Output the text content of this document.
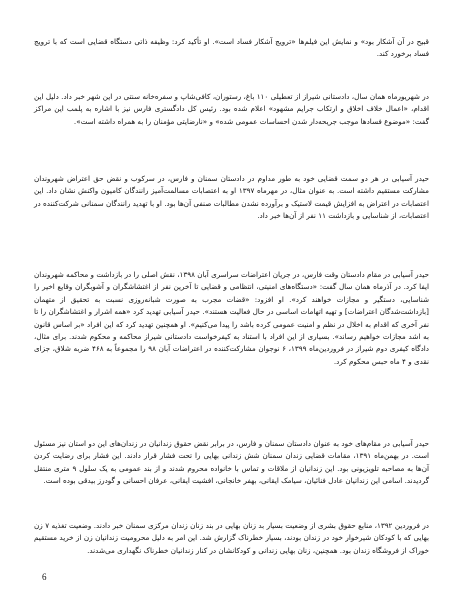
قبیح در آن آشکار بود» و نمایش این فیلم‌ها «ترویج آشکار فساد است». او تأکید کرد: وظیفه ذاتی دستگاه قضایی است که با ترویج فساد برخورد کند.

در شهریورماه همان سال، دادستانی شیراز از تعطیلی ۱۱۰ باغ، رستوران، کافی‌شاپ و سفره‌خانه سنتی در این شهر خبر داد. دلیل این اقدام، «اعمال خلاف اخلاق و ارتکاب جرایم مشهود» اعلام شده بود. رئیس کل دادگستری فارس نیز با اشاره به پلمب این مراکز گفت: «موضوع فسادها موجب جریحه‌دار شدن احساسات عمومی شده» و «نارضایتی مؤمنان را به همراه داشته است».

حیدر آسیابی در هر دو سمت قضایی خود به طور مداوم در دادستان سمنان و فارس، در سرکوب و نقض حق اعتراض شهروندان مشارکت مستقیم داشته است. به عنوان مثال، در مهرماه ۱۳۹۷ او به اعتصابات مسالمت‌آمیز رانندگان کامیون واکنش نشان داد. این اعتصابات در اعتراض به افزایش قیمت لاستیک و برآورده نشدن مطالبات صنفی آن‌ها بود. او با تهدید رانندگان سمنانی شرکت‌کننده در اعتصابات، از شناسایی و بازداشت ۱۱ نفر از آن‌ها خبر داد.

حیدر آسیابی در مقام دادستان وقت فارس، در جریان اعتراضات سراسری آبان ۱۳۹۸، نقش اصلی را در بازداشت و محاکمه شهروندان ایفا کرد. در آذرماه همان سال گفت: «دستگاه‌های امنیتی، انتظامی و قضایی تا آخرین نفر از اغتشاشگران و آشوبگران وقایع اخیر را شناسایی، دستگیر و مجازات خواهند کرد». او افزود: «قضات مجرب به صورت شبانه‌روزی نسبت به تحقیق از متهمان [بازداشت‌شدگان اعتراضات] و تهیه اتهامات اساسی در حال فعالیت هستند». حیدر آسیابی تهدید کرد «همه اشرار و اغتشاشگران را تا نفر آخری که اقدام به اخلال در نظم و امنیت عمومی کرده باشد را پیدا می‌کنیم». او همچنین تهدید کرد که این افراد «بر اساس قانون به اشد مجازات خواهیم رساند». بسیاری از این افراد با استناد به کیفرخواست دادستانی شیراز محاکمه و محکوم شدند. برای مثال، دادگاه کیفری دوم شیراز در فروردین‌ماه ۱۳۹۹، ۶ نوجوان مشارکت‌کننده در اعتراضات آبان ۹۸ را مجموعاً به ۴۶۸ ضربه شلاق، جزای نقدی و ۴ ماه حبس محکوم کرد.

حیدر آسیابی در مقام‌های خود به عنوان دادستان سمنان و فارس، در برابر نقض حقوق زندانیان در زندان‌های این دو استان نیز مسئول است. در بهمن‌ماه ۱۳۹۱، مقامات قضایی زندان سمنان شش زندانی بهایی را تحت فشار قرار دادند. این فشار برای رضایت کردن آن‌ها به مصاحبه تلویزیونی بود. این زندانیان از ملاقات و تماس با خانواده محروم شدند و از بند عمومی به یک سلول ۹ متری منتقل گردیدند. اسامی این زندانیان عادل فنائیان، سیامک ایقانی، بهفر خانجانی، افشیت ایقانی، عرفان احسانی و گودرز بیدقی بوده است.

در فروردین ۱۳۹۲، منابع حقوق بشری از وضعیت بسیار بد زنان بهایی در بند زنان زندان مرکزی سمنان خبر دادند. وضعیت تغذیه ۷ زن بهایی که با کودکان شیرخوار خود در زندان بودند، بسیار خطرناک گزارش شد. این امر به دلیل محرومیت زندانیان زن از خرید مستقیم خوراک از فروشگاه زندان بود. همچنین، زنان بهایی زندانی و کودکانشان در کنار زندانیان خطرناک نگهداری می‌شدند.

6
